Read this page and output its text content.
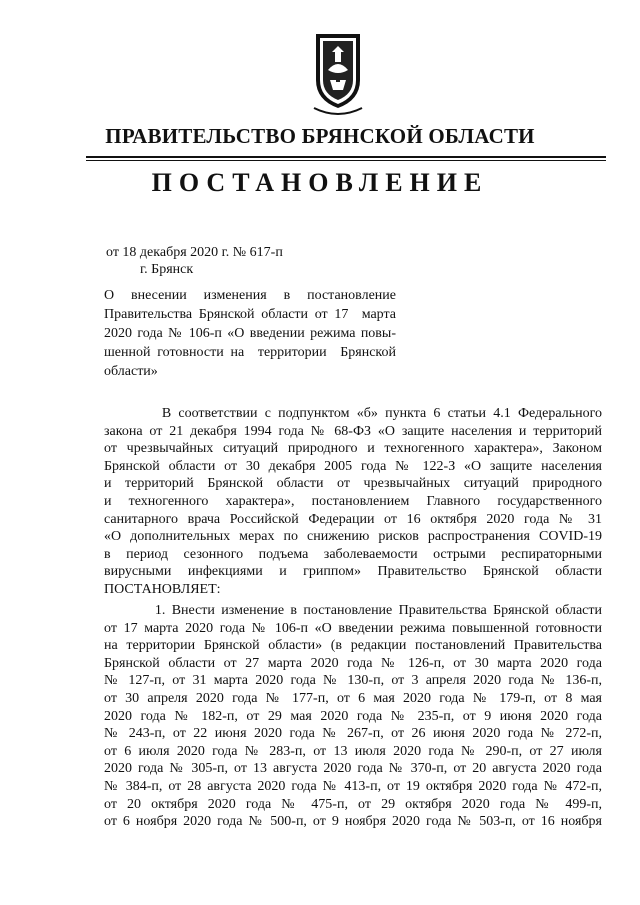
ПРАВИТЕЛЬСТВО БРЯНСКОЙ ОБЛАСТИ
ПОСТАНОВЛЕНИЕ
от 18 декабря 2020 г. № 617-п
г. Брянск
О   внесении   изменения   в   постановление
Правительства Брянской области от 17  марта
2020 года № 106-п «О введении режима повы-
шенной готовности на  территории  Брянской
области»
В соответствии с подпунктом «б» пункта 6 статьи 4.1 Федерального
закона от 21 декабря 1994 года № 68-ФЗ «О защите населения и территорий
от чрезвычайных ситуаций природного и техногенного характера», Законом
Брянской области от 30 декабря 2005 года № 122-З «О защите населения
и территорий Брянской области от чрезвычайных ситуаций природного
и техногенного характера», постановлением Главного государственного
санитарного врача Российской Федерации от 16 октября 2020 года № 31
«О дополнительных мерах по снижению рисков распространения COVID-19
в период сезонного подъема заболеваемости острыми респираторными
вирусными инфекциями и гриппом» Правительство Брянской области
ПОСТАНОВЛЯЕТ:
1. Внести изменение в постановление Правительства Брянской области
от 17 марта 2020 года № 106-п «О введении режима повышенной готовности
на территории Брянской области» (в редакции постановлений Правительства
Брянской области от 27 марта 2020 года № 126-п, от 30 марта 2020 года
№ 127-п, от 31 марта 2020 года № 130-п, от 3 апреля 2020 года № 136-п,
от 30 апреля 2020 года № 177-п, от 6 мая 2020 года № 179-п, от 8 мая
2020 года № 182-п, от 29 мая 2020 года № 235-п, от 9 июня 2020 года
№ 243-п, от 22 июня 2020 года № 267-п, от 26 июня 2020 года № 272-п,
от 6 июля 2020 года № 283-п, от 13 июля 2020 года № 290-п, от 27 июля
2020 года № 305-п, от 13 августа 2020 года № 370-п, от 20 августа 2020 года
№ 384-п, от 28 августа 2020 года № 413-п, от 19 октября 2020 года № 472-п,
от 20 октября 2020 года № 475-п, от 29 октября 2020 года № 499-п,
от 6 ноября 2020 года № 500-п, от 9 ноября 2020 года № 503-п, от 16 ноября
